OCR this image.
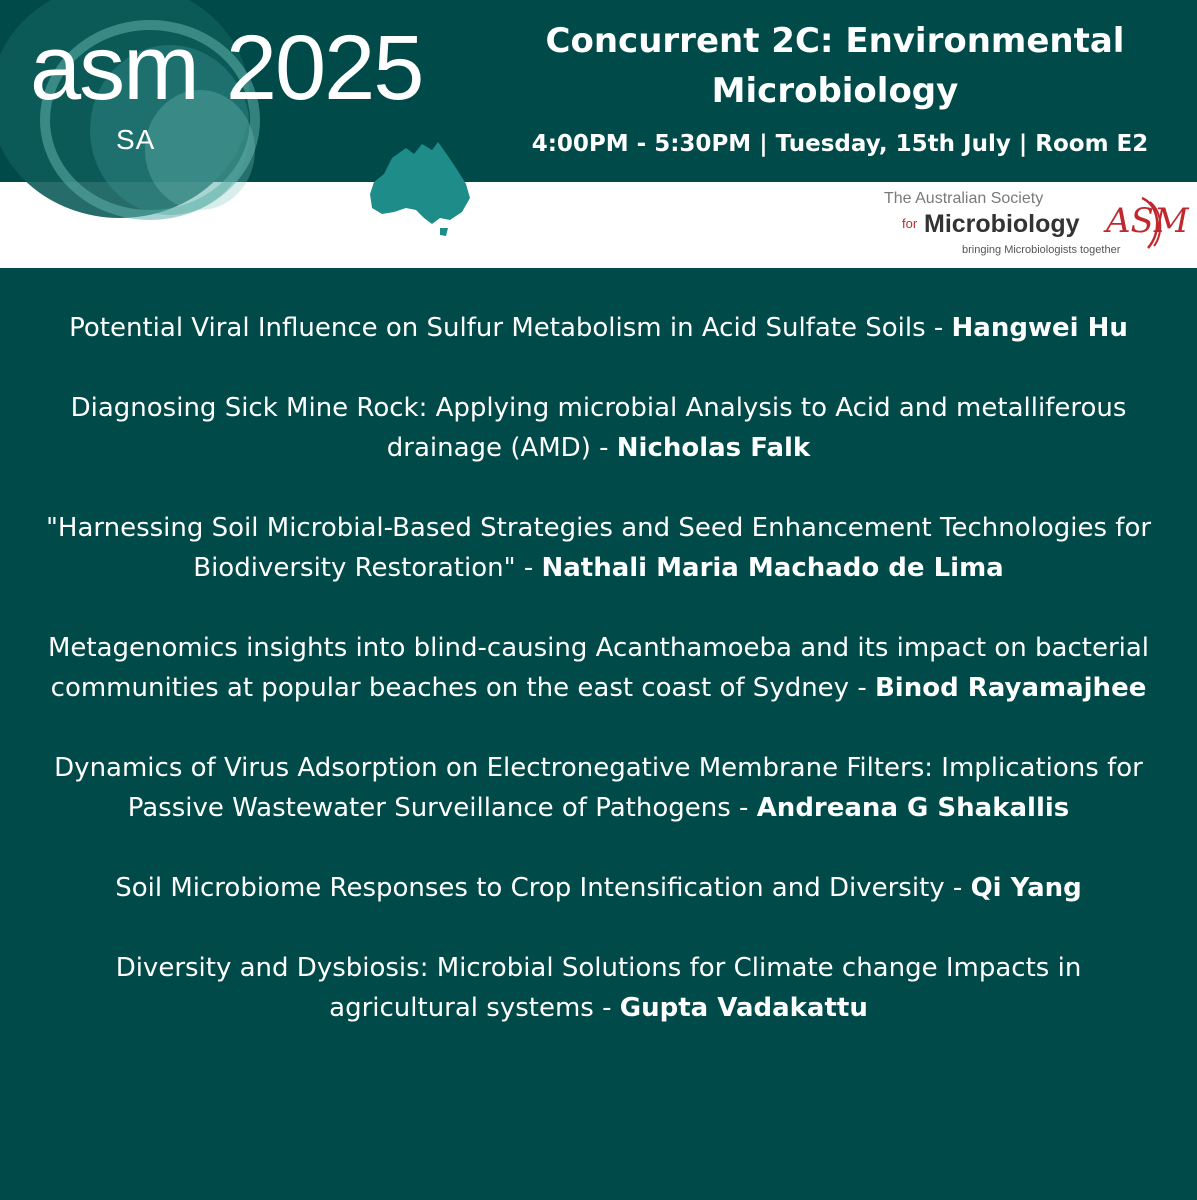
asm 2025
SA
Concurrent 2C: Environmental Microbiology
4:00PM - 5:30PM | Tuesday, 15th July | Room E2
The Australian Society
for Microbiology
bringing Microbiologists together
ASM
Potential Viral Influence on Sulfur Metabolism in Acid Sulfate Soils - Hangwei Hu
Diagnosing Sick Mine Rock: Applying microbial Analysis to Acid and metalliferous drainage (AMD) - Nicholas Falk
"Harnessing Soil Microbial-Based Strategies and Seed Enhancement Technologies for Biodiversity Restoration" - Nathali Maria Machado de Lima
Metagenomics insights into blind-causing Acanthamoeba and its impact on bacterial communities at popular beaches on the east coast of Sydney - Binod Rayamajhee
Dynamics of Virus Adsorption on Electronegative Membrane Filters: Implications for Passive Wastewater Surveillance of Pathogens - Andreana G Shakallis
Soil Microbiome Responses to Crop Intensification and Diversity - Qi Yang
Diversity and Dysbiosis: Microbial Solutions for Climate change Impacts in agricultural systems - Gupta Vadakattu
